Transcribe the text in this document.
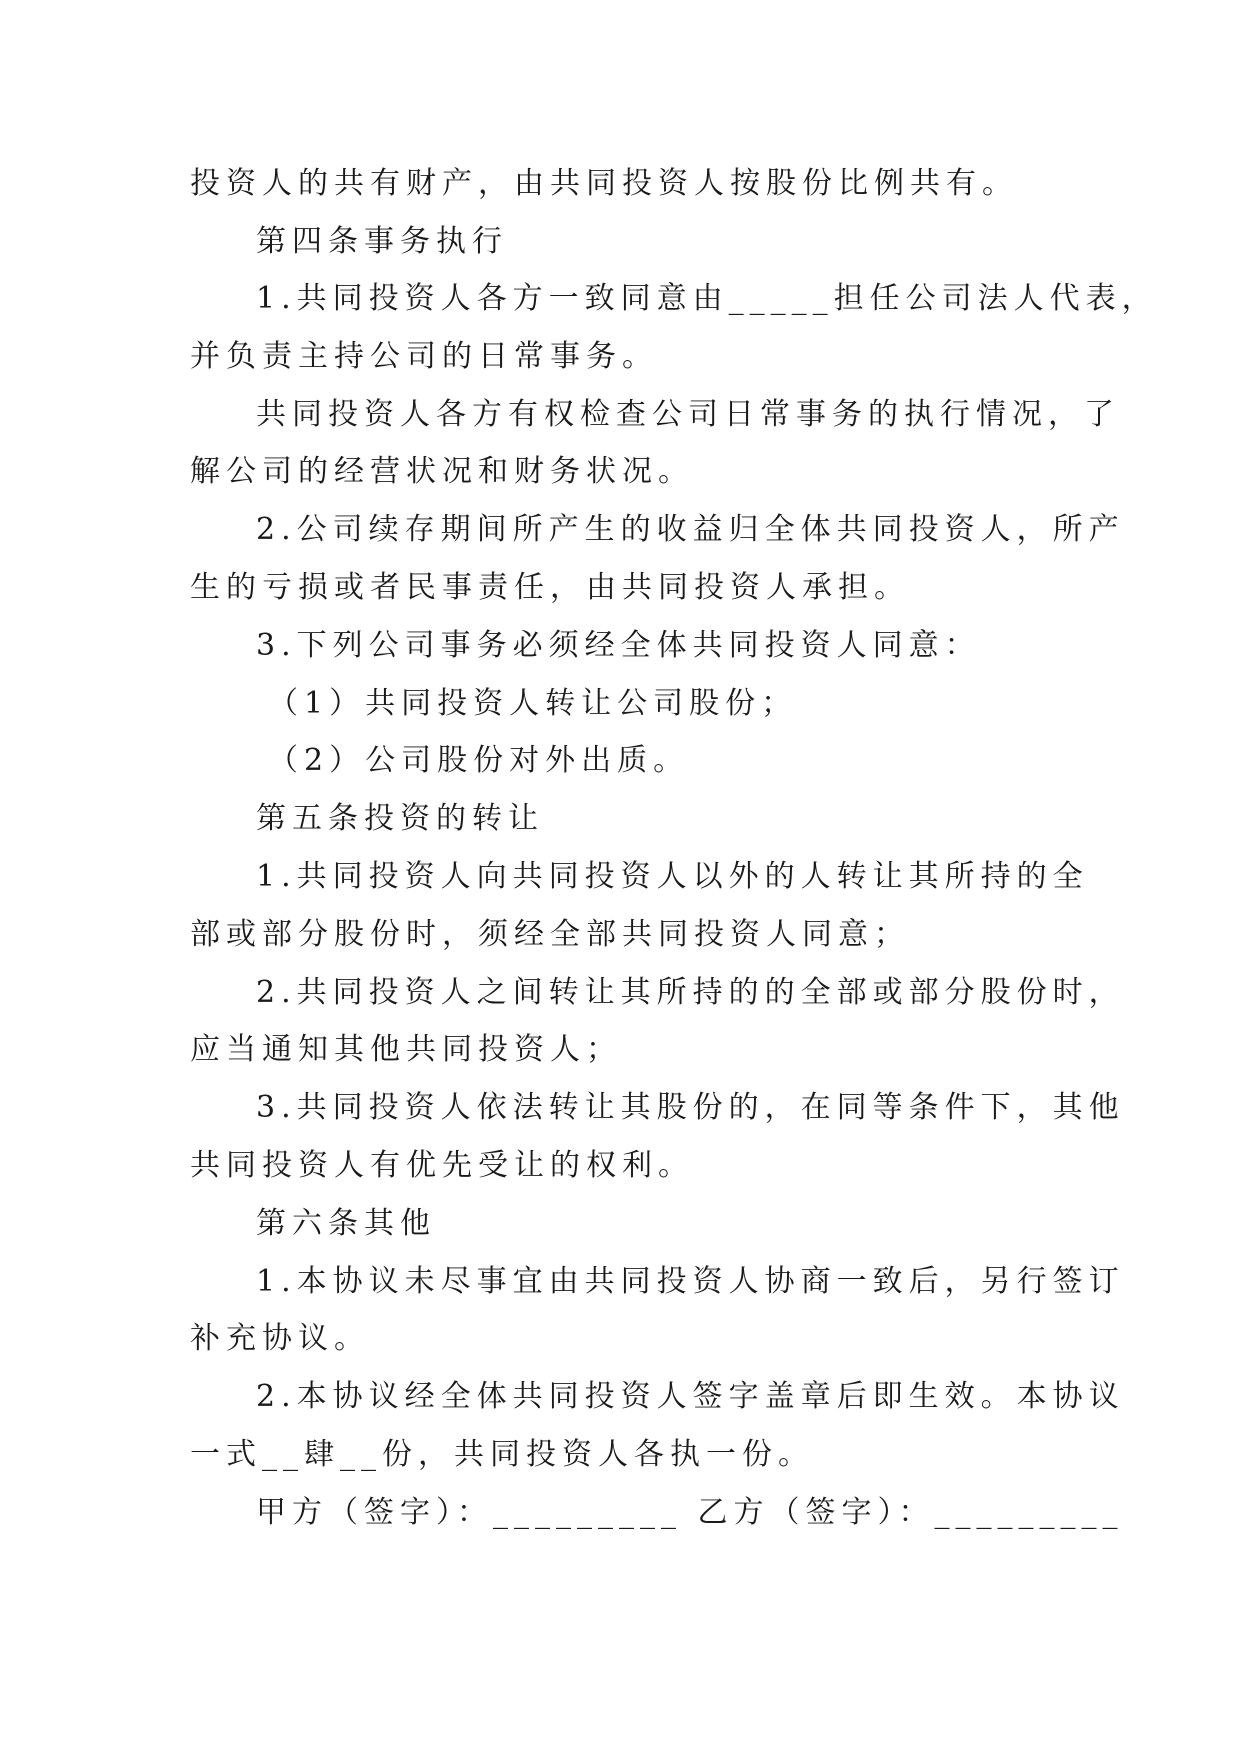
投资人的共有财产，由共同投资人按股份比例共有。
第四条事务执行
1.共同投资人各方一致同意由_____担任公司法人代表，
并负责主持公司的日常事务。
共同投资人各方有权检查公司日常事务的执行情况，了
解公司的经营状况和财务状况。
2.公司续存期间所产生的收益归全体共同投资人，所产
生的亏损或者民事责任，由共同投资人承担。
3.下列公司事务必须经全体共同投资人同意：
（1）共同投资人转让公司股份；
（2）公司股份对外出质。
第五条投资的转让
1.共同投资人向共同投资人以外的人转让其所持的全
部或部分股份时，须经全部共同投资人同意；
2.共同投资人之间转让其所持的的全部或部分股份时，
应当通知其他共同投资人；
3.共同投资人依法转让其股份的，在同等条件下，其他
共同投资人有优先受让的权利。
第六条其他
1.本协议未尽事宜由共同投资人协商一致后，另行签订
补充协议。
2.本协议经全体共同投资人签字盖章后即生效。本协议
一式__肆__份，共同投资人各执一份。
甲方（签字）：_________ 乙方（签字）：_________
